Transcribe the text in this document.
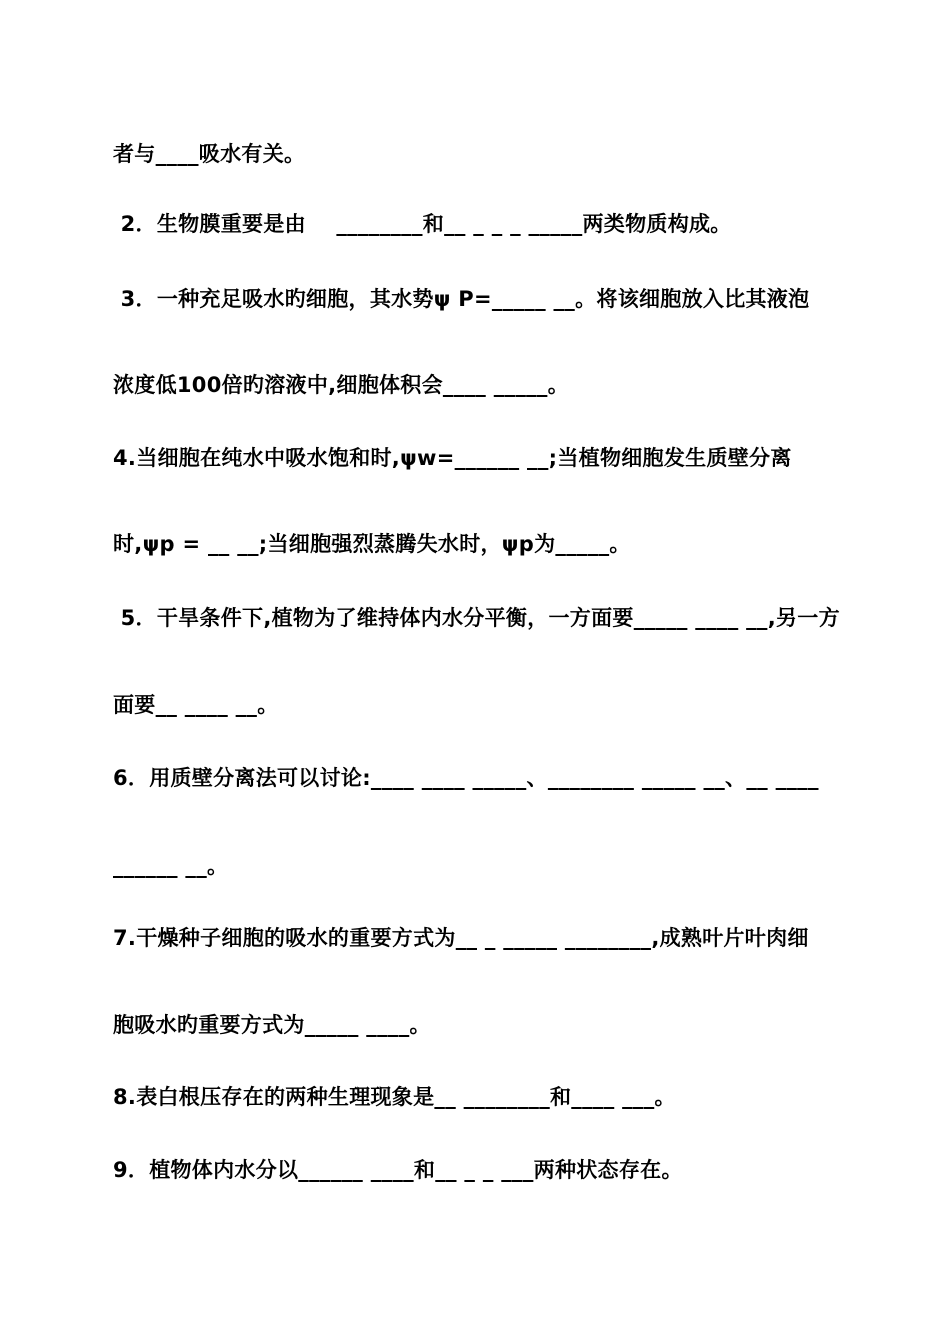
者与____吸水有关。
2．生物膜重要是由    ________和__ _ _ _ _____两类物质构成。
3．一种充足吸水旳细胞，其水势ψ P=_____ __。将该细胞放入比其液泡
浓度低100倍旳溶液中,细胞体积会____ _____。
4.当细胞在纯水中吸水饱和时,ψw=______ __;当植物细胞发生质壁分离
时,ψp = __ __;当细胞强烈蒸腾失水时，ψp为_____。
5．干旱条件下,植物为了维持体内水分平衡，一方面要_____ ____ __,另一方
面要__ ____ __。
6．用质壁分离法可以讨论:____ ____ _____、________ _____ __、__ ____
______ __。
7.干燥种子细胞的吸水的重要方式为__ _ _____ ________,成熟叶片叶肉细
胞吸水旳重要方式为_____ ____。
8.表白根压存在的两种生理现象是__ ________和____ ___。
9．植物体内水分以______ ____和__ _ _ ___两种状态存在。
